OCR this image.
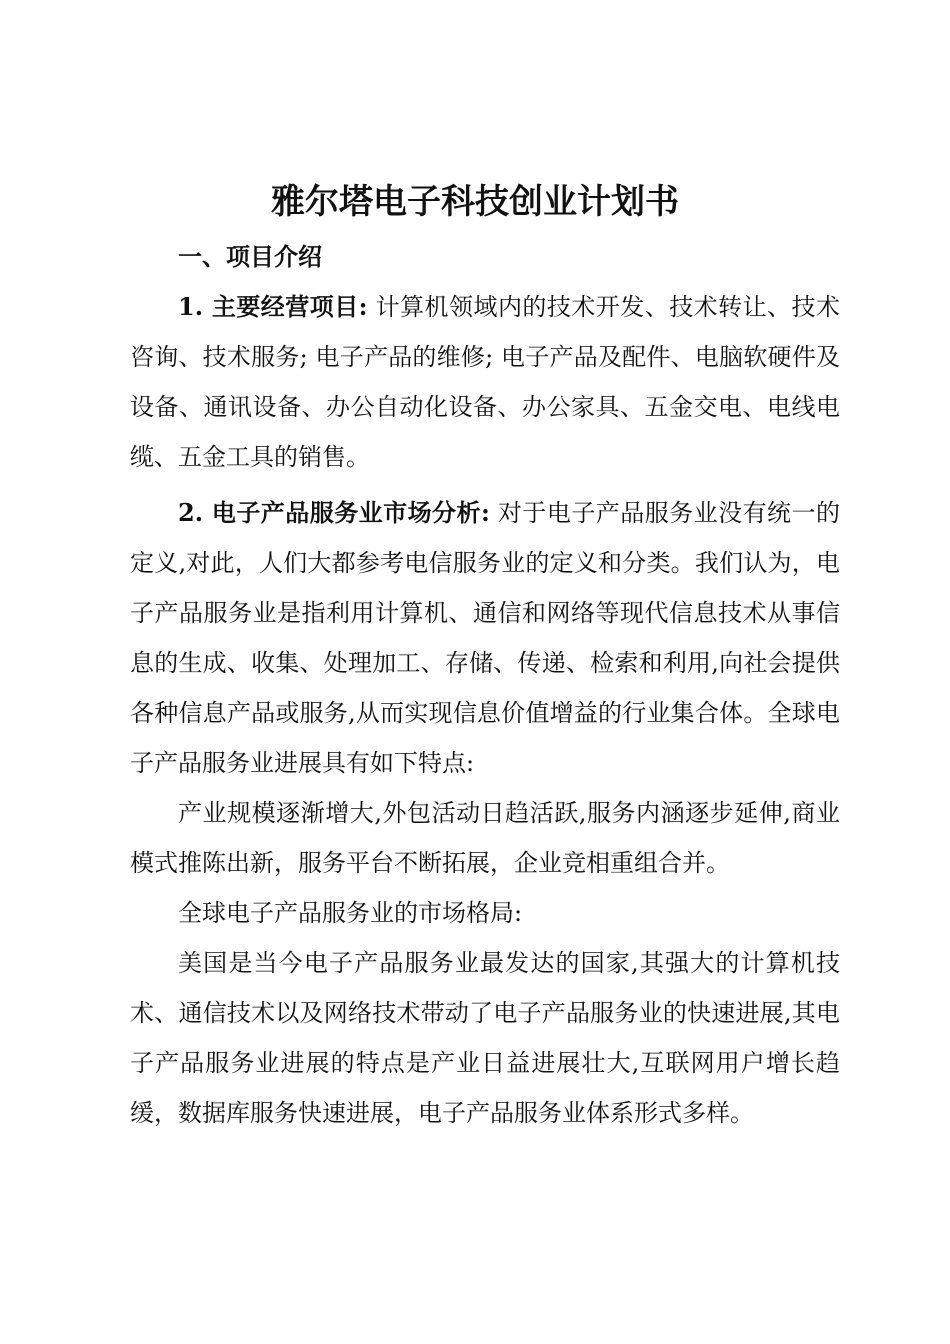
雅尔塔电子科技创业计划书

一、项目介绍

1. 主要经营项目: 计算机领域内的技术开发、技术转让、技术咨询、技术服务; 电子产品的维修; 电子产品及配件、电脑软硬件及设备、通讯设备、办公自动化设备、办公家具、五金交电、电线电缆、五金工具的销售。

2. 电子产品服务业市场分析: 对于电子产品服务业没有统一的定义,对此，人们大都参考电信服务业的定义和分类。我们认为，电子产品服务业是指利用计算机、通信和网络等现代信息技术从事信息的生成、收集、处理加工、存储、传递、检索和利用,向社会提供各种信息产品或服务,从而实现信息价值增益的行业集合体。全球电子产品服务业进展具有如下特点:

产业规模逐渐增大,外包活动日趋活跃,服务内涵逐步延伸,商业模式推陈出新，服务平台不断拓展，企业竞相重组合并。

全球电子产品服务业的市场格局:

美国是当今电子产品服务业最发达的国家,其强大的计算机技术、通信技术以及网络技术带动了电子产品服务业的快速进展,其电子产品服务业进展的特点是产业日益进展壮大,互联网用户增长趋缓，数据库服务快速进展，电子产品服务业体系形式多样。
